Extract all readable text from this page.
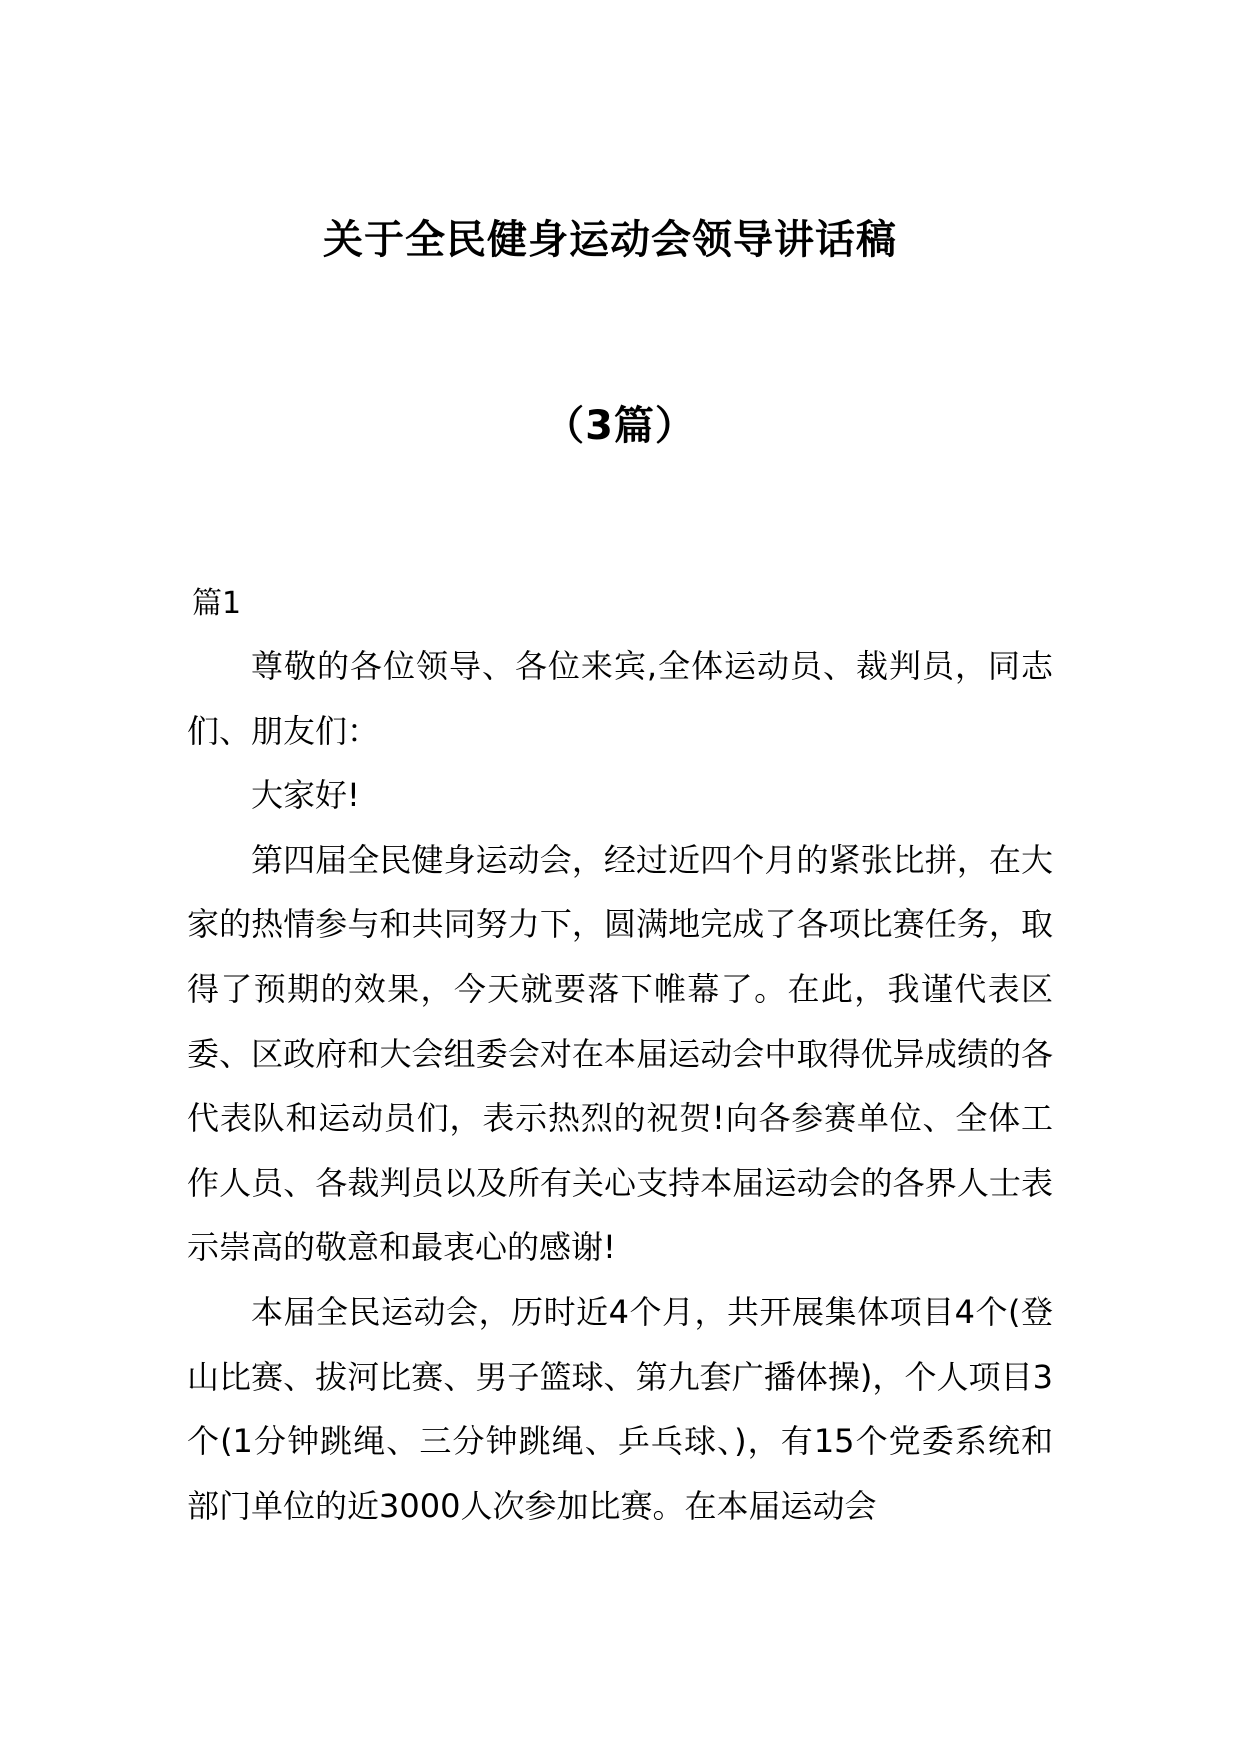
关于全民健身运动会领导讲话稿
（3篇）
篇1

尊敬的各位领导、各位来宾,全体运动员、裁判员，同志们、朋友们：

大家好!

第四届全民健身运动会，经过近四个月的紧张比拼，在大家的热情参与和共同努力下，圆满地完成了各项比赛任务，取得了预期的效果，今天就要落下帷幕了。在此，我谨代表区委、区政府和大会组委会对在本届运动会中取得优异成绩的各代表队和运动员们，表示热烈的祝贺!向各参赛单位、全体工作人员、各裁判员以及所有关心支持本届运动会的各界人士表示崇高的敬意和最衷心的感谢!

本届全民运动会，历时近4个月，共开展集体项目4个(登山比赛、拔河比赛、男子篮球、第九套广播体操)，个人项目3个(1分钟跳绳、三分钟跳绳、乒乓球、)，有15个党委系统和部门单位的近3000人次参加比赛。在本届运动会
